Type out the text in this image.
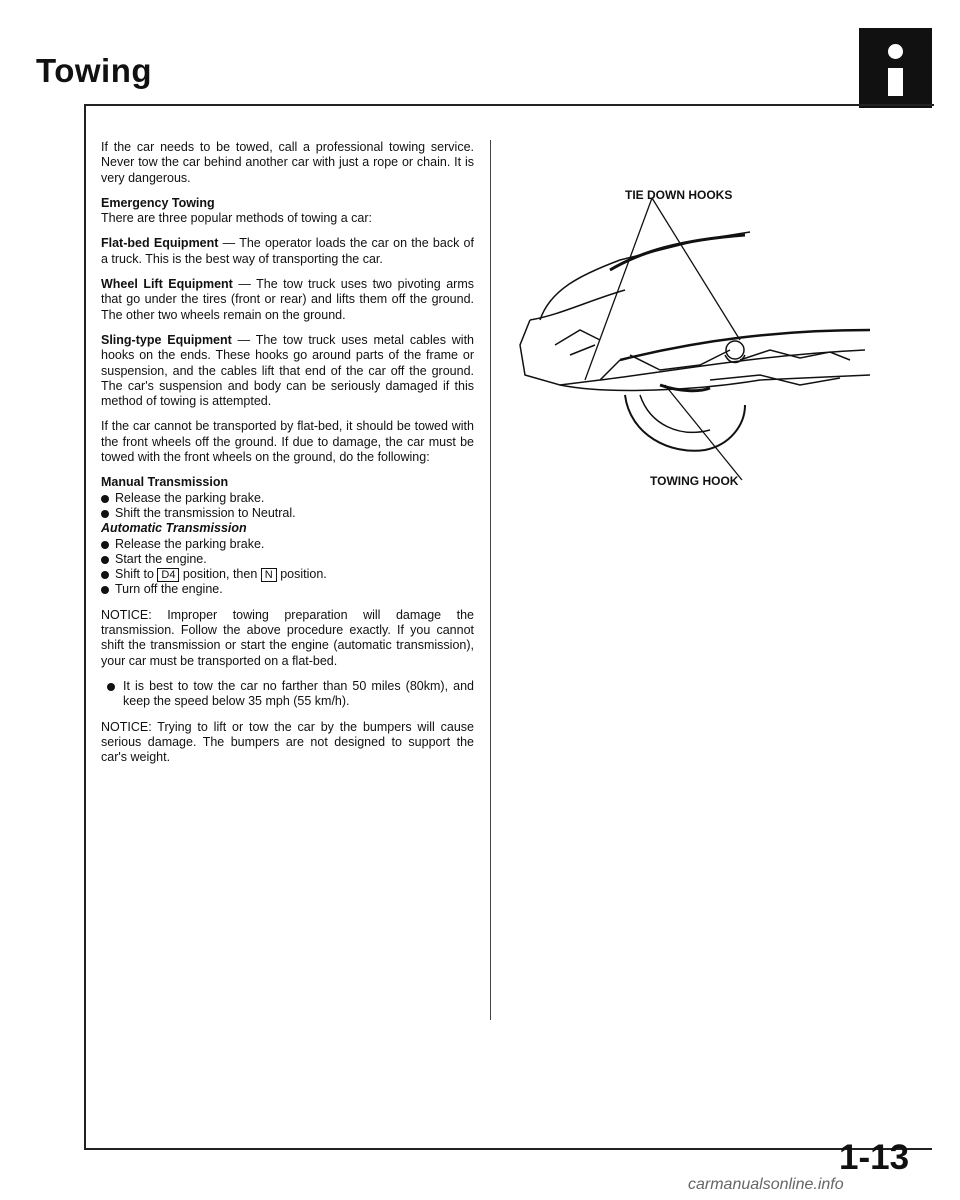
Towing

If the car needs to be towed, call a professional towing service. Never tow the car behind another car with just a rope or chain. It is very dangerous.

Emergency Towing
There are three popular methods of towing a car:

Flat-bed Equipment — The operator loads the car on the back of a truck. This is the best way of transporting the car.

Wheel Lift Equipment — The tow truck uses two pivoting arms that go under the tires (front or rear) and lifts them off the ground. The other two wheels remain on the ground.

Sling-type Equipment — The tow truck uses metal cables with hooks on the ends. These hooks go around parts of the frame or suspension, and the cables lift that end of the car off the ground. The car's suspension and body can be seriously damaged if this method of towing is attempted.

If the car cannot be transported by flat-bed, it should be towed with the front wheels off the ground. If due to damage, the car must be towed with the front wheels on the ground, do the following:

Manual Transmission
Release the parking brake.
Shift the transmission to Neutral.
Automatic Transmission
Release the parking brake.
Start the engine.
Shift to D4 position, then N position.
Turn off the engine.

NOTICE: Improper towing preparation will damage the transmission. Follow the above procedure exactly. If you cannot shift the transmission or start the engine (automatic transmission), your car must be transported on a flat-bed.

It is best to tow the car no farther than 50 miles (80km), and keep the speed below 35 mph (55 km/h).

NOTICE: Trying to lift or tow the car by the bumpers will cause serious damage. The bumpers are not designed to support the car's weight.

TIE DOWN HOOKS
TOWING HOOK
1-13
carmanualsonline.info
